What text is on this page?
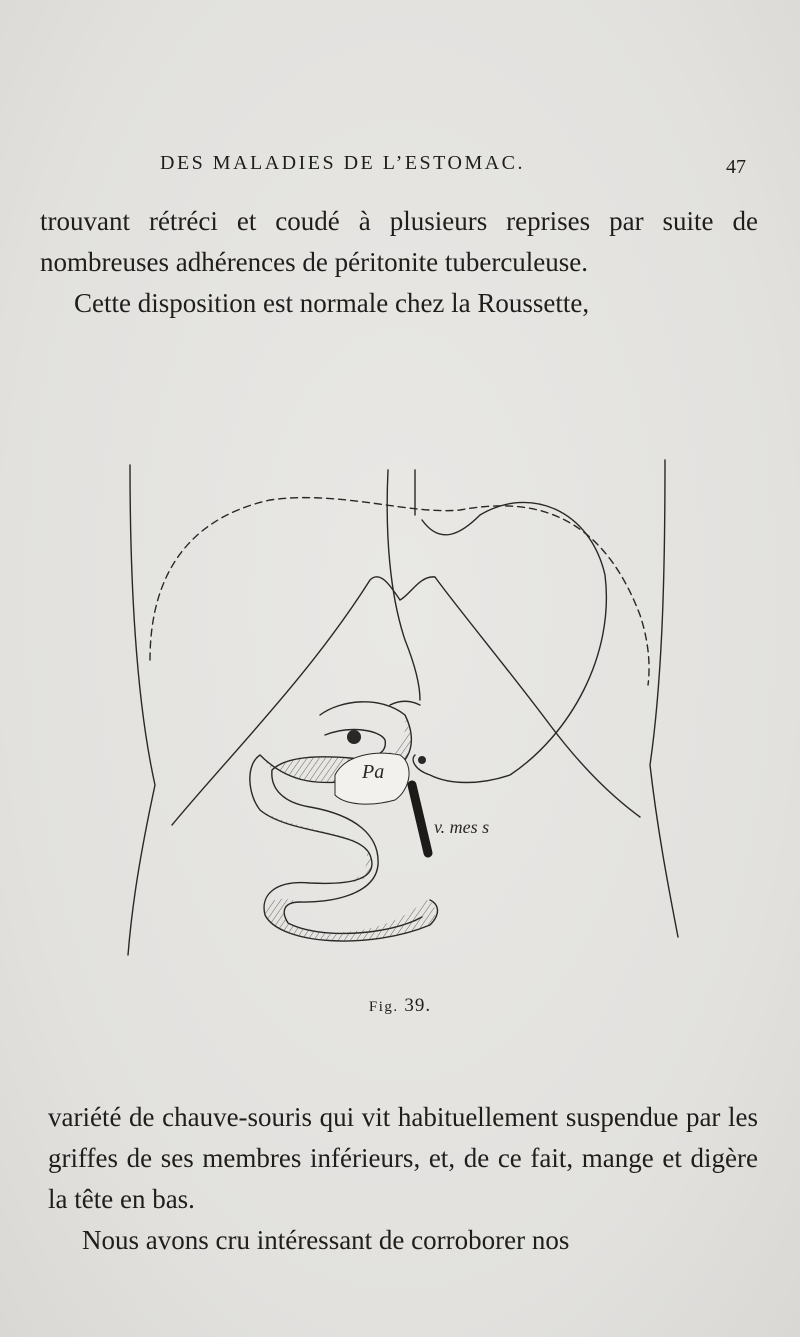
DES MALADIES DE L’ESTOMAC.	47

trouvant rétréci et coudé à plusieurs reprises par suite de nombreuses adhérences de péritonite tuberculeuse.

Cette disposition est normale chez la Roussette,

Pa
v. mes s
Fig. 39.

variété de chauve-souris qui vit habituellement suspendue par les griffes de ses membres inférieurs, et, de ce fait, mange et digère la tête en bas.

Nous avons cru intéressant de corroborer nos
